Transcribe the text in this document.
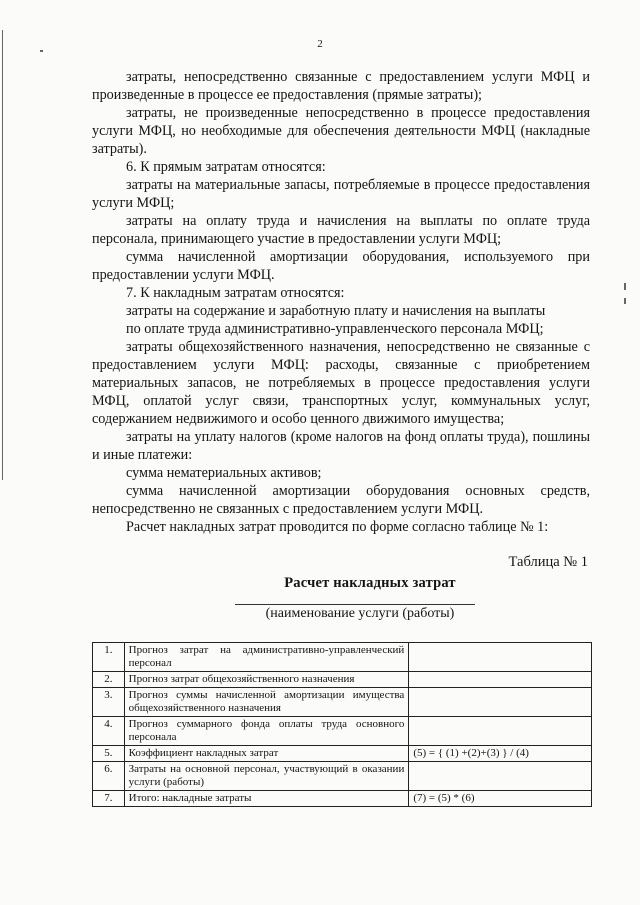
2

затраты, непосредственно связанные с предоставлением услуги МФЦ и произведенные в процессе ее предоставления (прямые затраты);

затраты, не произведенные непосредственно в процессе предоставления услуги МФЦ, но необходимые для обеспечения деятельности МФЦ (накладные затраты).

6. К прямым затратам относятся:

затраты на материальные запасы, потребляемые в процессе предоставления услуги МФЦ;

затраты на оплату труда и начисления на выплаты по оплате труда персонала, принимающего участие в предоставлении услуги МФЦ;

сумма начисленной амортизации оборудования, используемого при предоставлении услуги МФЦ.

7. К накладным затратам относятся:

затраты на содержание и заработную плату и начисления на выплаты

по оплате труда административно-управленческого персонала МФЦ;

затраты общехозяйственного назначения, непосредственно не связанные с предоставлением услуги МФЦ: расходы, связанные с приобретением материальных запасов, не потребляемых в процессе предоставления услуги МФЦ, оплатой услуг связи, транспортных услуг, коммунальных услуг, содержанием недвижимого и особо ценного движимого имущества;

затраты на уплату налогов (кроме налогов на фонд оплаты труда), пошлины и иные платежи:

сумма нематериальных активов;

сумма начисленной амортизации оборудования основных средств, непосредственно не связанных с предоставлением услуги МФЦ.

Расчет накладных затрат проводится по форме согласно таблице № 1:

Таблица № 1
Расчет накладных затрат
(наименование услуги (работы)
1.	Прогноз затрат на административно-управленческий персонал	
2.	Прогноз затрат общехозяйственного назначения	
3.	Прогноз суммы начисленной амортизации имущества общехозяйственного назначения	
4.	Прогноз суммарного фонда оплаты труда основного персонала	
5.	Коэффициент накладных затрат	(5) = { (1) +(2)+(3) } / (4)
6.	Затраты на основной персонал, участвующий в оказании услуги (работы)	
7.	Итого: накладные затраты	(7) = (5) * (6)
